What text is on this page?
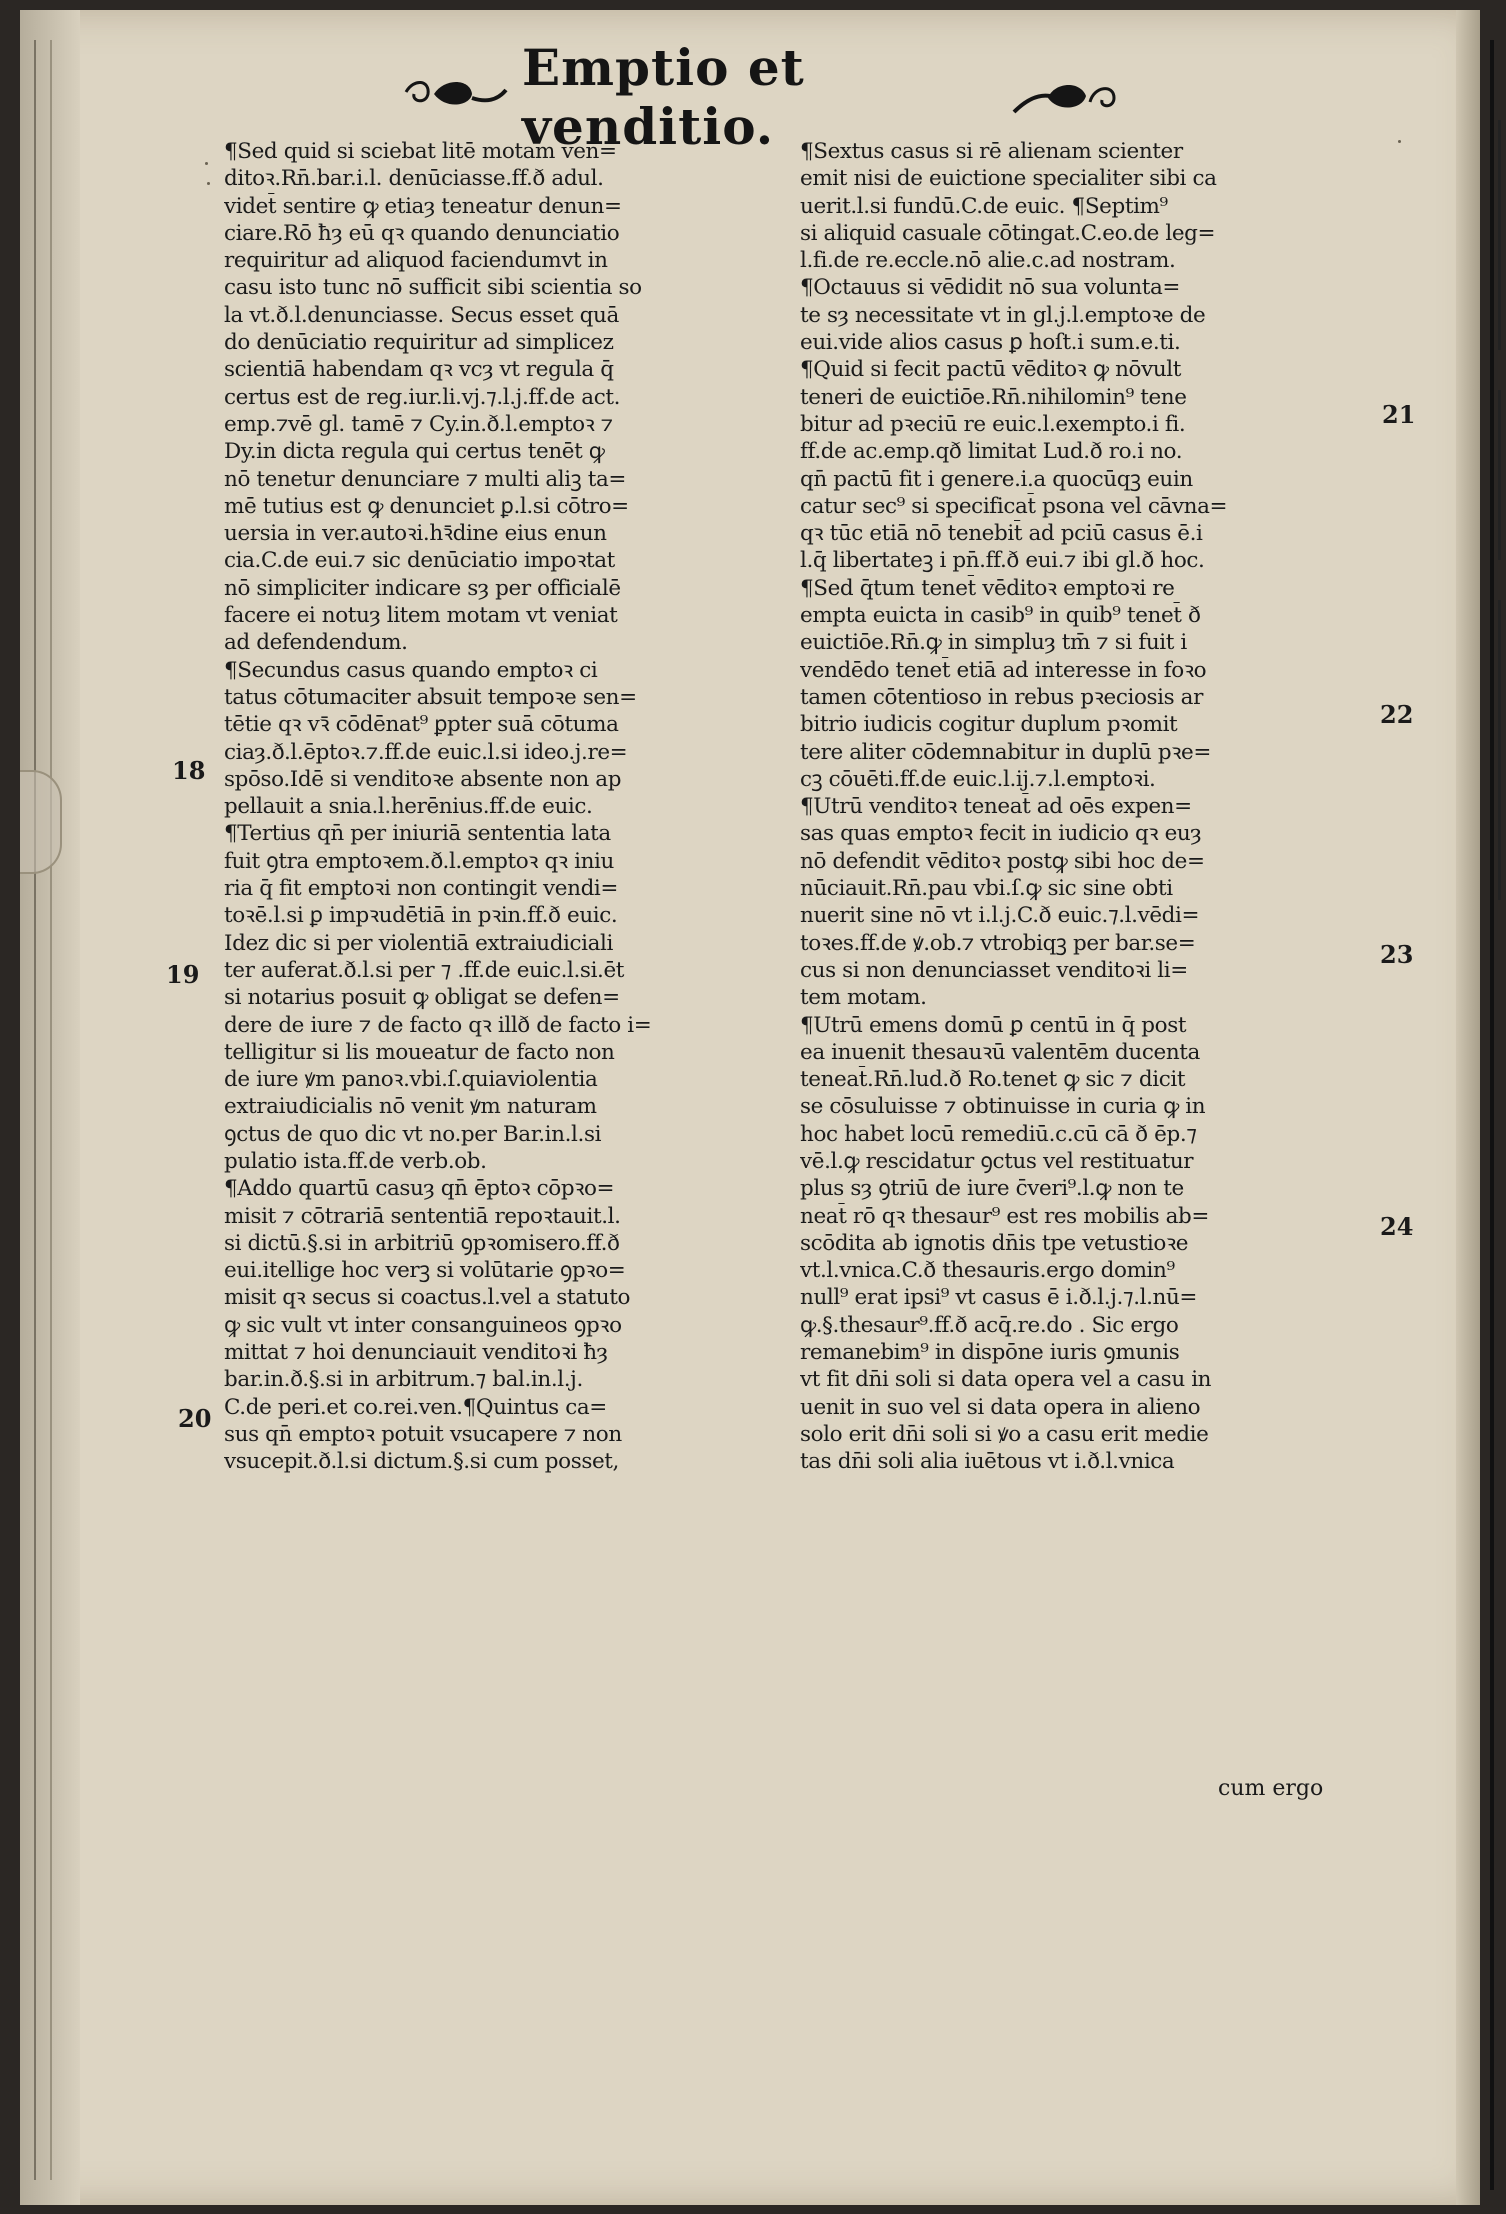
Emptio et venditio.
¶Sed quid si sciebat litē motam ven=
ditoꝛ.Rn̄.bar.i.l. denūciasse.ff.ð adul.
videt̄ sentire ꝙ etiaȝ teneatur denun=
ciare.Rō ħȝ eū qꝛ quando denunciatio
requiritur ad aliquod faciendumvt in
casu isto tunc nō sufficit sibi scientia so
la vt.ð.l.denunciasse. Secus esset quā
do denūciatio requiritur ad simplicez
scientiā habendam qꝛ vcȝ vt regula q̄
certus est de reg.iur.li.vj.⁊.l.j.ff.de act.
emp.⁊vē gl. tamē ⁊ Cy.in.ð.l.emptoꝛ ⁊
Dy.in dicta regula qui certus tenēt ꝙ
nō tenetur denunciare ⁊ multi aliꝫ ta=
mē tutius est ꝙ denunciet ꝑ.l.si cōtro=
uersia in ver.autoꝛi.hꝛ̄dine eius enun
cia.C.de eui.⁊ sic denūciatio impoꝛtat
nō simpliciter indicare sȝ per officialē
facere ei notuȝ litem motam vt veniat
ad defendendum.
¶Secundus casus quando emptoꝛ ci
tatus cōtumaciter absuit tempoꝛe sen=
tētie qꝛ vꝛ̄ cōdēnat⁹ ꝑpter suā cōtuma
ciaȝ.ð.l.ēptoꝛ.⁊.ff.de euic.l.si ideo.j.re=
spōso.Idē si venditoꝛe absente non ap
pellauit a snia.l.herēnius.ff.de euic.
¶Tertius qn̄ per iniuriā sententia lata
fuit ꝯtra emptoꝛem.ð.l.emptoꝛ qꝛ iniu
ria q̄ fit emptoꝛi non contingit vendi=
toꝛē.l.si ꝑ impꝛudētiā in pꝛin.ff.ð euic.
Idez dic si per violentiā extraiudiciali
ter auferat.ð.l.si per ⁊ .ff.de euic.l.si.ēt
si notarius posuit ꝙ obligat se defen=
dere de iure ⁊ de facto qꝛ illð de facto i=
telligitur si lis moueatur de facto non
de iure ꝟm panoꝛ.vbi.ſ.quiaviolentia
extraiudicialis nō venit ꝟm naturam
ꝯctus de quo dic vt no.per Bar.in.l.si
pulatio ista.ff.de verb.ob.
¶Addo quartū casuȝ qn̄ ēptoꝛ cōpꝛo=
misit ⁊ cōtrariā sententiā repoꝛtauit.l.
si dictū.§.si in arbitriū ꝯpꝛomisero.ff.ð
eui.itellige hoc verꝫ si volūtarie ꝯpꝛo=
misit qꝛ secus si coactus.l.vel a statuto
ꝙ sic vult vt inter consanguineos ꝯpꝛo
mittat ⁊ hoi denunciauit venditoꝛi ħȝ
bar.in.ð.§.si in arbitrum.⁊ bal.in.l.j.
C.de peri.et co.rei.ven.¶Quintus ca=
sus qn̄ emptoꝛ potuit vsucapere ⁊ non
vsucepit.ð.l.si dictum.§.si cum posset,
¶Sextus casus si rē alienam scienter
emit nisi de euictione specialiter sibi ca
uerit.l.si fundū.C.de euic. ¶Septim⁹
si aliquid casuale cōtingat.C.eo.de leg=
l.fi.de re.eccle.nō alie.c.ad nostram.
¶Octauus si vēdidit nō sua volunta=
te sȝ necessitate vt in gl.j.l.emptoꝛe de
eui.vide alios casus ꝑ hoſt.i sum.e.ti.
¶Quid si fecit pactū vēditoꝛ ꝙ nōvult
teneri de euictiōe.Rn̄.nihilomin⁹ tene
bitur ad pꝛeciū re euic.l.exempto.i fi.
ff.de ac.emp.qð limitat Lud.ð ro.i no.
qn̄ pactū fit i genere.i.a quocūqꝫ euin
catur sec⁹ si specificat̄ psona vel cāvna=
qꝛ tūc etiā nō tenebit̄ ad pciū casus ē.i
l.q̄ libertateꝫ i pn̄.ff.ð eui.⁊ ibi gl.ð hoc.
¶Sed q̄tum tenet̄ vēditoꝛ emptoꝛi re
empta euicta in casib⁹ in quib⁹ tenet̄ ð
euictiōe.Rn̄.ꝙ in simpluȝ tm̄ ⁊ si fuit i
vendēdo tenet̄ etiā ad interesse in foꝛo
tamen cōtentioso in rebus pꝛeciosis ar
bitrio iudicis cogitur duplum pꝛomit
tere aliter cōdemnabitur in duplū pꝛe=
cꝫ cōuēti.ff.de euic.l.ij.⁊.l.emptoꝛi.
¶Utrū venditoꝛ teneat̄ ad oēs expen=
sas quas emptoꝛ fecit in iudicio qꝛ euȝ
nō defendit vēditoꝛ postꝙ sibi hoc de=
nūciauit.Rn̄.pau vbi.ſ.ꝙ sic sine obti
nuerit sine nō vt i.l.j.C.ð euic.⁊.l.vēdi=
toꝛes.ff.de ꝟ.ob.⁊ vtrobiqꝫ per bar.se=
cus si non denunciasset venditoꝛi li=
tem motam.
¶Utrū emens domū ꝑ centū in q̄ post
ea inuenit thesauꝛū valentēm ducenta
teneat̄.Rn̄.lud.ð Ro.tenet ꝙ sic ⁊ dicit
se cōsuluisse ⁊ obtinuisse in curia ꝙ in
hoc habet locū remediū.c.cū cā ð ēp.⁊
vē.l.ꝙ rescidatur ꝯctus vel restituatur
plus sȝ ꝯtriū de iure c̄veri⁹.l.ꝙ non te
neat̄ rō qꝛ thesaur⁹ est res mobilis ab=
scōdita ab ignotis dn̄is tpe vetustioꝛe
vt.l.vnica.C.ð thesauris.ergo domin⁹
null⁹ erat ipsi⁹ vt casus ē i.ð.l.j.⁊.l.nū=
ꝙ.§.thesaur⁹.ff.ð acq̄.re.do . Sic ergo
remanebim⁹ in dispōne iuris ꝯmunis
vt fit dn̄i soli si data opera vel a casu in
uenit in suo vel si data opera in alieno
solo erit dn̄i soli si ꝟo a casu erit medie
tas dn̄i soli alia iuētous vt i.ð.l.vnica
21
22
18
23
19
24
20
cum ergo
